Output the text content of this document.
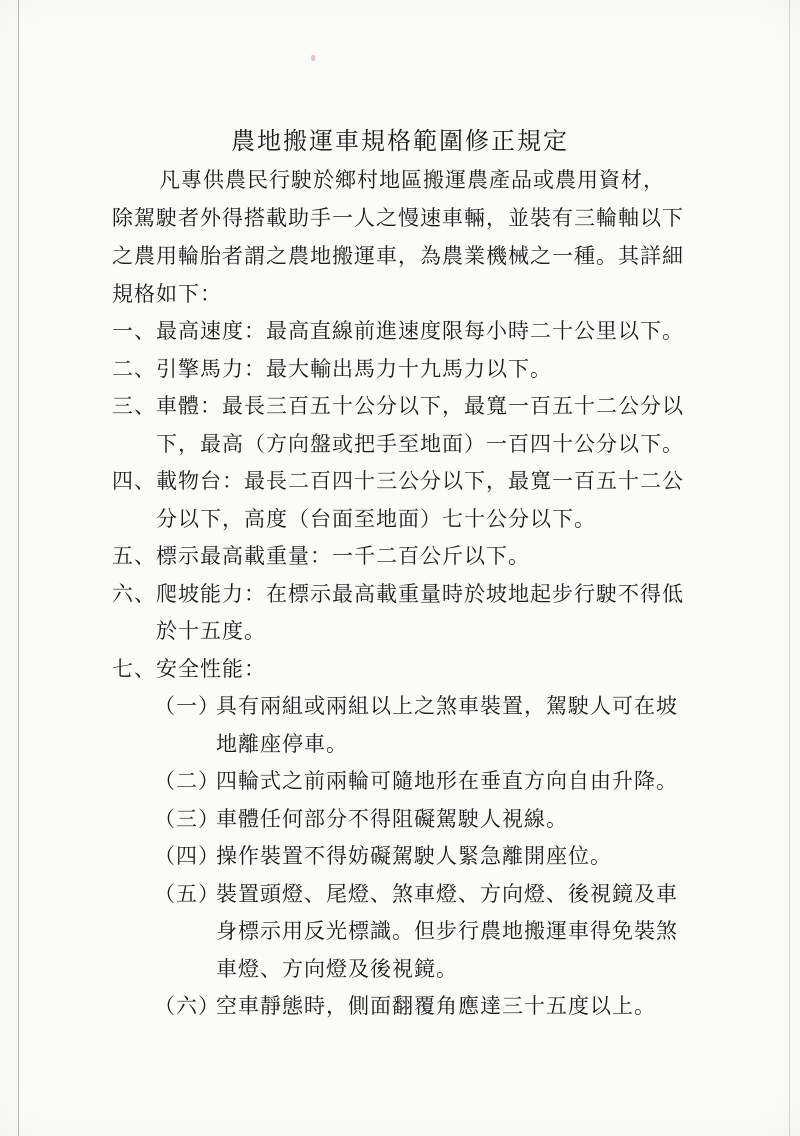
農地搬運車規格範圍修正規定
凡專供農民行駛於鄉村地區搬運農產品或農用資材，除駕駛者外得搭載助手一人之慢速車輛，並裝有三輪軸以下之農用輪胎者謂之農地搬運車，為農業機械之一種。其詳細規格如下：
一、 最高速度：最高直線前進速度限每小時二十公里以下。
二、 引擎馬力：最大輸出馬力十九馬力以下。
三、 車體：最長三百五十公分以下，最寬一百五十二公分以下，最高（方向盤或把手至地面）一百四十公分以下。
四、 載物台：最長二百四十三公分以下，最寬一百五十二公分以下，高度（台面至地面）七十公分以下。
五、 標示最高載重量：一千二百公斤以下。
六、 爬坡能力：在標示最高載重量時於坡地起步行駛不得低於十五度。
七、 安全性能：
（一）
具有兩組或兩組以上之煞車裝置，駕駛人可在坡地離座停車。
（二）
四輪式之前兩輪可隨地形在垂直方向自由升降。
（三）
車體任何部分不得阻礙駕駛人視線。
（四）
操作裝置不得妨礙駕駛人緊急離開座位。
（五）
裝置頭燈、尾燈、煞車燈、方向燈、後視鏡及車身標示用反光標識。但步行農地搬運車得免裝煞車燈、方向燈及後視鏡。
（六）
空車靜態時，側面翻覆角應達三十五度以上。
